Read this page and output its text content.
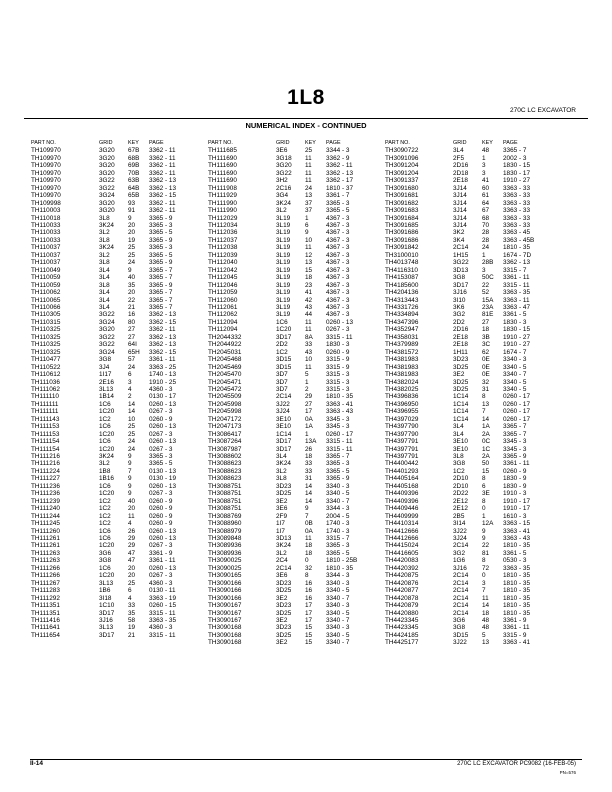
1L8
270C LC EXCAVATOR
NUMERICAL INDEX - CONTINUED
PART NO.	GRID	KEY	PAGE
TH109970	3G20	67B	3362 - 11
TH109970	3G20	68B	3362 - 11
TH109970	3G20	69B	3362 - 11
TH109970	3G20	70B	3362 - 11
TH109970	3G22	63B	3362 - 13
TH109970	3G22	64B	3362 - 13
TH109970	3G24	65B	3362 - 15
TH109998	3G20	93	3362 - 11
TH110003	3G20	91	3362 - 11
TH110018	3L8	9	3365 - 9
TH110033	3K24	20	3365 - 3
TH110033	3L2	20	3365 - 5
TH110033	3L8	19	3365 - 9
TH110037	3K24	25	3365 - 3
TH110037	3L2	25	3365 - 5
TH110037	3L8	24	3365 - 9
TH110049	3L4	9	3365 - 7
TH110059	3L4	40	3365 - 7
TH110059	3L8	35	3365 - 9
TH110062	3L4	20	3365 - 7
TH110065	3L4	22	3365 - 7
TH110066	3L4	21	3365 - 7
TH110305	3G22	16	3362 - 13
TH110315	3G24	80	3362 - 15
TH110325	3G20	27	3362 - 11
TH110325	3G22	27	3362 - 13
TH110325	3G22	64I	3362 - 13
TH110325	3G24	65H	3362 - 15
TH110477	3G8	57	3361 - 11
TH110522	3J4	24	3363 - 25
TH110612	1I17	6	1740 - 13
TH111036	2E16	3	1910 - 25
TH111062	3L13	4	4360 - 3
TH111110	1B14	2	0130 - 17
TH111111	1C6	14	0260 - 13
TH111111	1C20	14	0267 - 3
TH111143	1C2	10	0260 - 9
TH111153	1C6	25	0260 - 13
TH111153	1C20	25	0267 - 3
TH111154	1C6	24	0260 - 13
TH111154	1C20	24	0267 - 3
TH111216	3K24	9	3365 - 3
TH111216	3L2	9	3365 - 5
TH111224	1B8	7	0130 - 13
TH111227	1B16	9	0130 - 19
TH111236	1C6	9	0260 - 13
TH111236	1C20	9	0267 - 3
TH111239	1C2	40	0260 - 9
TH111240	1C2	20	0260 - 9
TH111244	1C2	11	0260 - 9
TH111245	1C2	4	0260 - 9
TH111260	1C6	26	0260 - 13
TH111261	1C6	29	0260 - 13
TH111261	1C20	29	0267 - 3
TH111263	3G6	47	3361 - 9
TH111263	3G8	47	3361 - 11
TH111266	1C6	20	0260 - 13
TH111266	1C20	20	0267 - 3
TH111267	3L13	25	4360 - 3
TH111283	1B6	6	0130 - 11
TH111292	3I18	4	3363 - 19
TH111351	1C10	33	0260 - 15
TH111351	3D17	35	3315 - 11
TH111416	3J16	58	3363 - 35
TH111641	3L13	19	4360 - 3
TH111654	3D17	21	3315 - 11
PART NO.	GRID	KEY	PAGE
TH111685	3E6	25	3344 - 3
TH111690	3G18	11	3362 - 9
TH111690	3G20	11	3362 - 11
TH111690	3G22	11	3362 - 13
TH111690	3H2	11	3362 - 17
TH111908	2C16	24	1810 - 37
TH111929	3G4	13	3361 - 7
TH111990	3K24	37	3365 - 3
TH111990	3L2	37	3365 - 5
TH112029	3L19	1	4367 - 3
TH112034	3L19	6	4367 - 3
TH112036	3L19	9	4367 - 3
TH112037	3L19	10	4367 - 3
TH112038	3L19	11	4367 - 3
TH112039	3L19	12	4367 - 3
TH112040	3L19	13	4367 - 3
TH112042	3L19	15	4367 - 3
TH112045	3L19	18	4367 - 3
TH112046	3L19	23	4367 - 3
TH112059	3L19	41	4367 - 3
TH112060	3L19	42	4367 - 3
TH112061	3L19	43	4367 - 3
TH112062	3L19	44	4367 - 3
TH112094	1C6	11	0260 - 13
TH112094	1C20	11	0267 - 3
TH2044332	3D17	8A	3315 - 11
TH2044922	2D2	33	1830 - 3
TH2045031	1C2	43	0260 - 9
TH2045468	3D15	10	3315 - 9
TH2045469	3D15	11	3315 - 9
TH2045470	3D7	5	3315 - 3
TH2045471	3D7	1	3315 - 3
TH2045472	3D7	2	3315 - 3
TH2045509	2C14	29	1810 - 35
TH2045998	3J22	27	3363 - 41
TH2045998	3J24	17	3363 - 43
TH2047172	3E10	0A	3345 - 3
TH2047173	3E10	1A	3345 - 3
TH3086417	1C14	1	0260 - 17
TH3087264	3D17	13A	3315 - 11
TH3087987	3D17	26	3315 - 11
TH3088602	3L4	18	3365 - 7
TH3088623	3K24	33	3365 - 3
TH3088623	3L2	33	3365 - 5
TH3088623	3L8	31	3365 - 9
TH3088751	3D23	14	3340 - 3
TH3088751	3D25	14	3340 - 5
TH3088751	3E2	14	3340 - 7
TH3088751	3E6	9	3344 - 3
TH3088769	2F9	7	2004 - 5
TH3088960	1I7	0B	1740 - 3
TH3088979	1I7	0A	1740 - 3
TH3089848	3D13	11	3315 - 7
TH3089936	3K24	18	3365 - 3
TH3089936	3L2	18	3365 - 5
TH3090025	2C4	0	1810 - 25B
TH3090025	2C14	32	1810 - 35
TH3090165	3E6	8	3344 - 3
TH3090166	3D23	16	3340 - 3
TH3090166	3D25	16	3340 - 5
TH3090166	3E2	16	3340 - 7
TH3090167	3D23	17	3340 - 3
TH3090167	3D25	17	3340 - 5
TH3090167	3E2	17	3340 - 7
TH3090168	3D23	15	3340 - 3
TH3090168	3D25	15	3340 - 5
TH3090168	3E2	15	3340 - 7
PART NO.	GRID	KEY	PAGE
TH3090722	3L4	48	3365 - 7
TH3091096	2F5	1	2002 - 3
TH3091204	2D16	3	1830 - 15
TH3091204	2D18	3	1830 - 17
TH3091337	2E18	41	1910 - 27
TH3091680	3J14	60	3363 - 33
TH3091681	3J14	61	3363 - 33
TH3091682	3J14	64	3363 - 33
TH3091683	3J14	67	3363 - 33
TH3091684	3J14	68	3363 - 33
TH3091685	3J14	70	3363 - 33
TH3091686	3K2	28	3363 - 45
TH3091686	3K4	28	3363 - 45B
TH3091842	2C14	24	1810 - 35
TH3100010	1H15	1	1674 - 7D
TH4013748	3G22	28B	3362 - 13
TH4116310	3D13	3	3315 - 7
TH4153087	3G8	50C	3361 - 11
TH4185600	3D17	22	3315 - 11
TH4204136	3J16	52	3363 - 35
TH4313443	3I10	15A	3363 - 11
TH4331726	3K6	23A	3363 - 47
TH4334894	3G2	81E	3361 - 5
TH4347396	2D2	27	1830 - 3
TH4352947	2D16	18	1830 - 15
TH4358031	2E18	3B	1910 - 27
TH4379989	2E18	3C	1910 - 27
TH4381572	1H11	62	1674 - 7
TH4381983	3D23	0E	3340 - 3
TH4381983	3D25	0E	3340 - 5
TH4381983	3E2	0E	3340 - 7
TH4382024	3D25	32	3340 - 5
TH4382025	3D25	31	3340 - 5
TH4396836	1C14	8	0260 - 17
TH4396950	1C14	13	0260 - 17
TH4396955	1C14	7	0260 - 17
TH4397029	1C14	14	0260 - 17
TH4397790	3L4	1A	3365 - 7
TH4397790	3L4	2A	3365 - 7
TH4397791	3E10	0C	3345 - 3
TH4397791	3E10	1C	3345 - 3
TH4397791	3L8	2A	3365 - 9
TH4400442	3G8	50	3361 - 11
TH4401293	1C2	15	0260 - 9
TH4405164	2D10	8	1830 - 9
TH4405168	2D10	6	1830 - 9
TH4409396	2D22	3E	1910 - 3
TH4409396	2E12	8	1910 - 17
TH4409446	2E12	0	1910 - 17
TH4409999	2B5	1	1610 - 3
TH4410314	3I14	12A	3363 - 15
TH4412666	3J22	9	3363 - 41
TH4412666	3J24	9	3363 - 43
TH4415024	2C14	22	1810 - 35
TH4416605	3G2	81	3361 - 5
TH4420083	1G6	8	0530 - 3
TH4420392	3J16	72	3363 - 35
TH4420875	2C14	0	1810 - 35
TH4420876	2C14	3	1810 - 35
TH4420877	2C14	7	1810 - 35
TH4420878	2C14	11	1810 - 35
TH4420879	2C14	14	1810 - 35
TH4420880	2C14	18	1810 - 35
TH4423345	3G6	48	3361 - 9
TH4423345	3G8	48	3361 - 11
TH4424185	3D15	5	3315 - 9
TH4425177	3J22	13	3363 - 41
II-14	270C LC EXCAVATOR PC9082 (16-FEB-05)
PN=576
